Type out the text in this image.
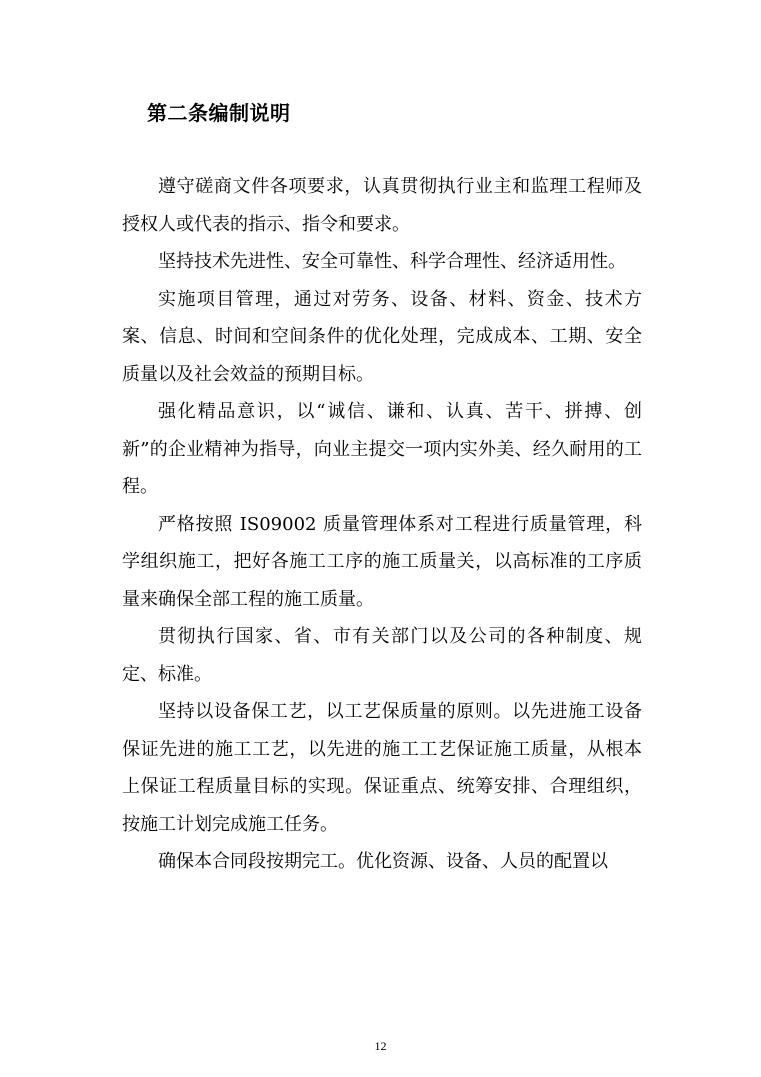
第二条编制说明

遵守磋商文件各项要求，认真贯彻执行业主和监理工程师及授权人或代表的指示、指令和要求。

坚持技术先进性、安全可靠性、科学合理性、经济适用性。

实施项目管理，通过对劳务、设备、材料、资金、技术方案、信息、时间和空间条件的优化处理，完成成本、工期、安全质量以及社会效益的预期目标。

强化精品意识，以“诚信、谦和、认真、苦干、拼搏、创新”的企业精神为指导，向业主提交一项内实外美、经久耐用的工程。

严格按照 IS09002 质量管理体系对工程进行质量管理，科学组织施工，把好各施工工序的施工质量关，以高标准的工序质量来确保全部工程的施工质量。

贯彻执行国家、省、市有关部门以及公司的各种制度、规定、标准。

坚持以设备保工艺，以工艺保质量的原则。以先进施工设备保证先进的施工工艺，以先进的施工工艺保证施工质量，从根本上保证工程质量目标的实现。保证重点、统筹安排、合理组织，按施工计划完成施工任务。

确保本合同段按期完工。优化资源、设备、人员的配置以

12
